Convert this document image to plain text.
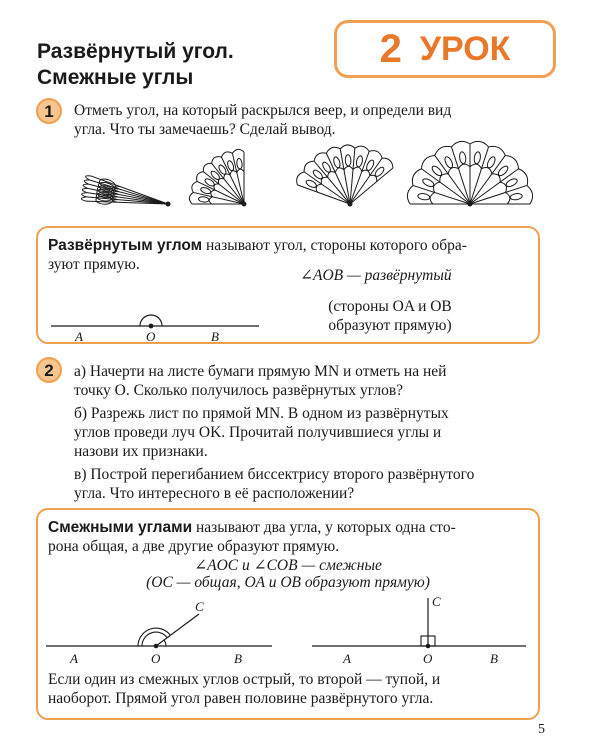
Развёрнутый угол.
Смежные углы
2 УРОК
1	Отметь угол, на который раскрылся веер, и определи вид
угла. Что ты замечаешь? Сделай вывод.
Развёрнутым углом называют угол, стороны которого обра-
зуют прямую.
∠AOB — развёрнутый
(стороны OA и OB
образуют прямую)
A	O	B
2	а) Начерти на листе бумаги прямую MN и отметь на ней
точку O. Сколько получилось развёрнутых углов?
б) Разрежь лист по прямой MN. В одном из развёрнутых
углов проведи луч OK. Прочитай получившиеся углы и
назови их признаки.
в) Построй перегибанием биссектрису второго развёрнутого
угла. Что интересного в её расположении?
Смежными углами называют два угла, у которых одна сто-
рона общая, а две другие образуют прямую.
∠AOC и ∠COB — смежные
(OC — общая, OA и OB образуют прямую)
A	O	B
C
A	O	B
C
Если один из смежных углов острый, то второй — тупой, и
наоборот. Прямой угол равен половине развёрнутого угла.
5
